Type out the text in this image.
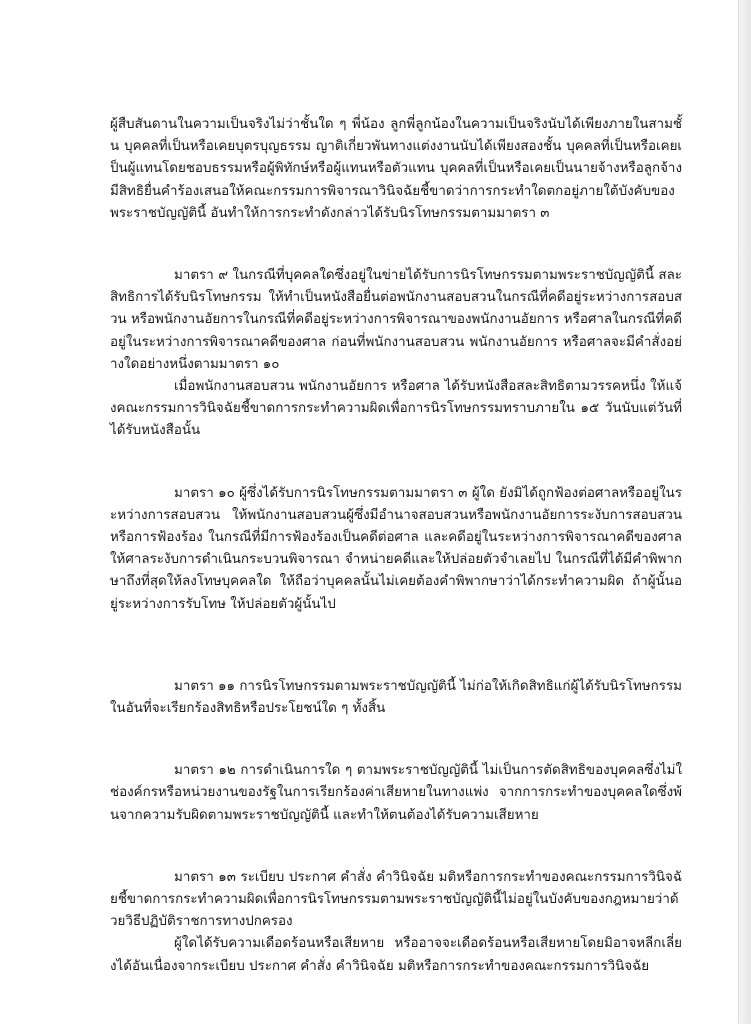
ผู้สืบสันดานในความเป็นจริงไม่ว่าชั้นใด ๆ พี่น้อง ลูกพี่ลูกน้องในความเป็นจริงนับได้เพียงภายในสามชั้น บุคคลที่เป็นหรือเคยบุตรบุญธรรม ญาติเกี่ยวพันทางแต่งงานนับได้เพียงสองชั้น บุคคลที่เป็นหรือเคยเป็นผู้แทนโดยชอบธรรมหรือผู้พิทักษ์หรือผู้แทนหรือตัวแทน บุคคลที่เป็นหรือเคยเป็นนายจ้างหรือลูกจ้าง มีสิทธิยื่นคำร้องเสนอให้คณะกรรมการพิจารณาวินิจฉัยชี้ขาดว่าการกระทำใดตกอยู่ภายใต้บังคับของพระราชบัญญัตินี้ อันทำให้การกระทำดังกล่าวได้รับนิรโทษกรรมตามมาตรา ๓

มาตรา ๙ ในกรณีที่บุคคลใดซึ่งอยู่ในข่ายได้รับการนิรโทษกรรมตามพระราชบัญญัตินี้ สละสิทธิการได้รับนิรโทษกรรม ให้ทำเป็นหนังสือยื่นต่อพนักงานสอบสวนในกรณีที่คดีอยู่ระหว่างการสอบสวน หรือพนักงานอัยการในกรณีที่คดีอยู่ระหว่างการพิจารณาของพนักงานอัยการ หรือศาลในกรณีที่คดีอยู่ในระหว่างการพิจารณาคดีของศาล ก่อนที่พนักงานสอบสวน พนักงานอัยการ หรือศาลจะมีคำสั่งอย่างใดอย่างหนึ่งตามมาตรา ๑๐

เมื่อพนักงานสอบสวน พนักงานอัยการ หรือศาล ได้รับหนังสือสละสิทธิตามวรรคหนึ่ง ให้แจ้งคณะกรรมการวินิจฉัยชี้ขาดการกระทำความผิดเพื่อการนิรโทษกรรมทราบภายใน ๑๕ วันนับแต่วันที่ได้รับหนังสือนั้น

มาตรา ๑๐ ผู้ซึ่งได้รับการนิรโทษกรรมตามมาตรา ๓ ผู้ใด ยังมิได้ถูกฟ้องต่อศาลหรืออยู่ในระหว่างการสอบสวน ให้พนักงานสอบสวนผู้ซึ่งมีอำนาจสอบสวนหรือพนักงานอัยการระงับการสอบสวนหรือการฟ้องร้อง ในกรณีที่มีการฟ้องร้องเป็นคดีต่อศาล และคดีอยู่ในระหว่างการพิจารณาคดีของศาล ให้ศาลระงับการดำเนินกระบวนพิจารณา จำหน่ายคดีและให้ปล่อยตัวจำเลยไป ในกรณีที่ได้มีคำพิพากษาถึงที่สุดให้ลงโทษบุคคลใด ให้ถือว่าบุคคลนั้นไม่เคยต้องคำพิพากษาว่าได้กระทำความผิด ถ้าผู้นั้นอยู่ระหว่างการรับโทษ ให้ปล่อยตัวผู้นั้นไป

มาตรา ๑๑ การนิรโทษกรรมตามพระราชบัญญัตินี้ ไม่ก่อให้เกิดสิทธิแก่ผู้ได้รับนิรโทษกรรมในอันที่จะเรียกร้องสิทธิหรือประโยชน์ใด ๆ ทั้งสิ้น

มาตรา ๑๒ การดำเนินการใด ๆ ตามพระราชบัญญัตินี้ ไม่เป็นการตัดสิทธิของบุคคลซึ่งไม่ใช่องค์กรหรือหน่วยงานของรัฐในการเรียกร้องค่าเสียหายในทางแพ่ง จากการกระทำของบุคคลใดซึ่งพ้นจากความรับผิดตามพระราชบัญญัตินี้ และทำให้ตนต้องได้รับความเสียหาย

มาตรา ๑๓ ระเบียบ ประกาศ คำสั่ง คำวินิจฉัย มติหรือการกระทำของคณะกรรมการวินิจฉัยชี้ขาดการกระทำความผิดเพื่อการนิรโทษกรรมตามพระราชบัญญัตินี้ไม่อยู่ในบังคับของกฎหมายว่าด้วยวิธีปฏิบัติราชการทางปกครอง

ผู้ใดได้รับความเดือดร้อนหรือเสียหาย หรืออาจจะเดือดร้อนหรือเสียหายโดยมิอาจหลีกเลี่ยงได้อันเนื่องจากระเบียบ ประกาศ คำสั่ง คำวินิจฉัย มติหรือการกระทำของคณะกรรมการวินิจฉัย
